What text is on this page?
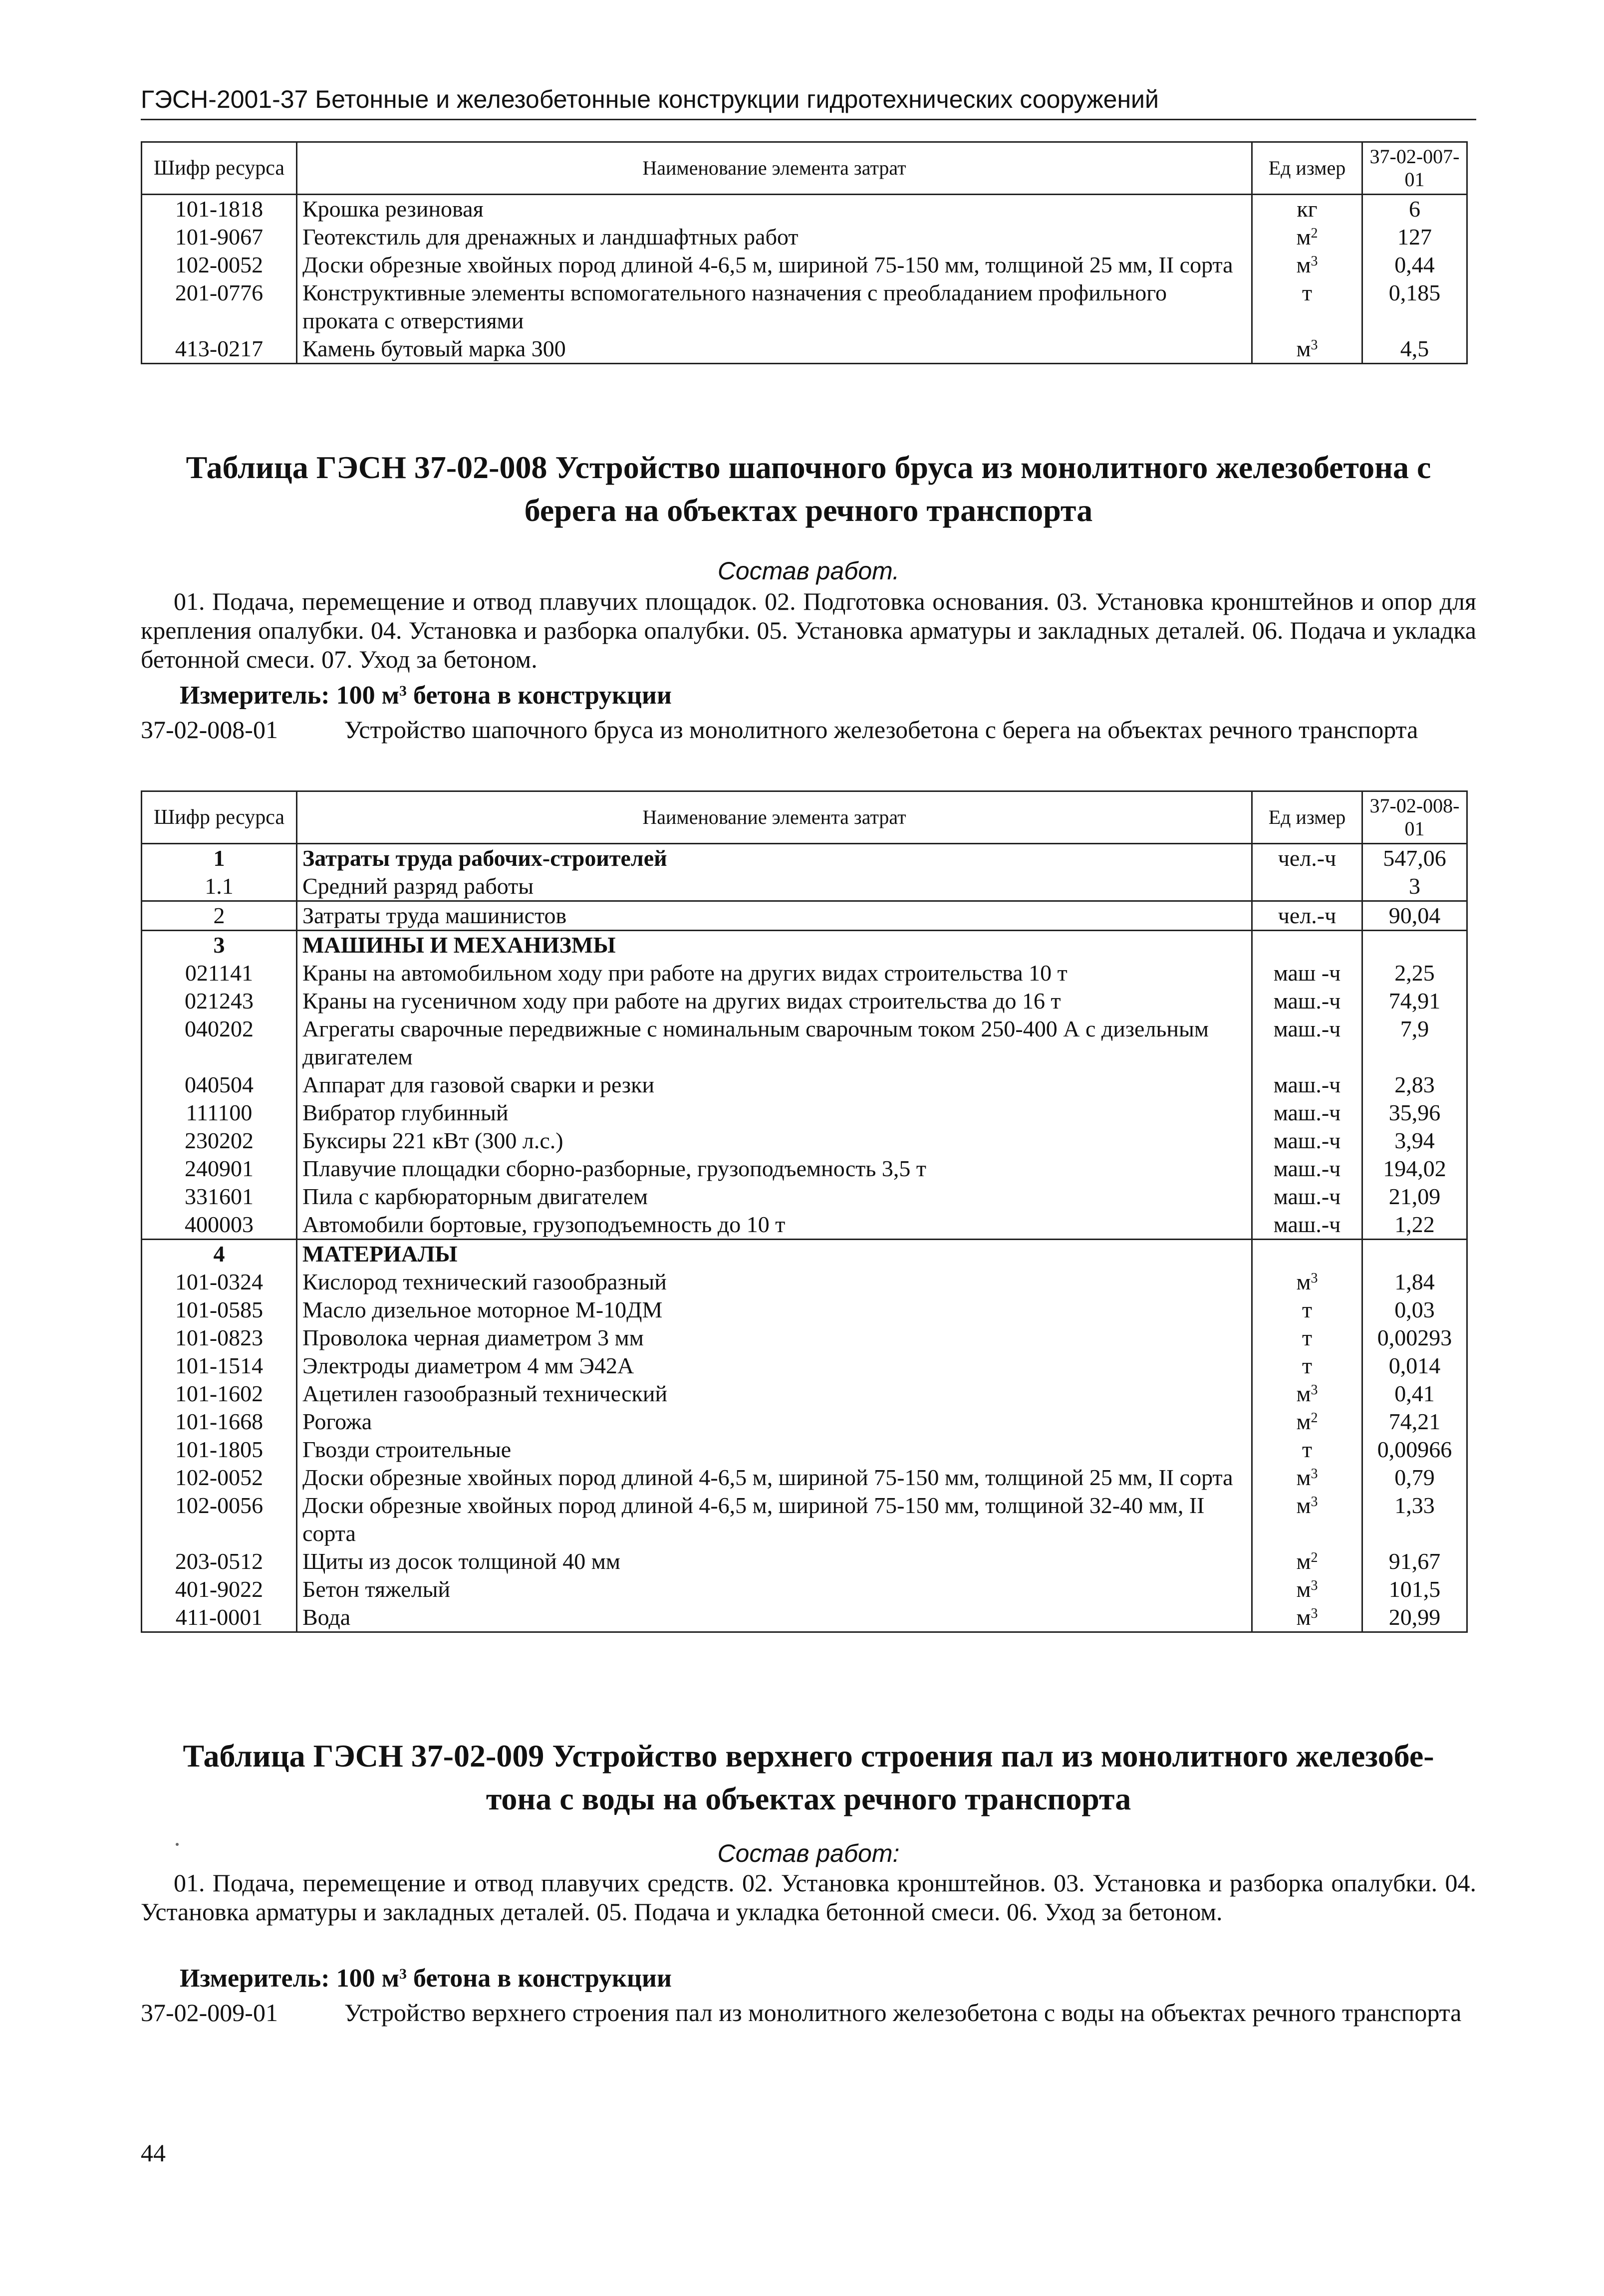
ГЭСН-2001-37 Бетонные и железобетонные конструкции гидротехнических сооружений
Шифр ресурса	Наименование элемента затрат	Ед измер	37-02-007-01
101-1818	Крошка резиновая	кг	6
101-9067	Геотекстиль для дренажных и ландшафтных работ	$м^2$	127
102-0052	Доски обрезные хвойных пород длиной 4-6,5 м, шириной 75-150 мм, толщиной 25 мм, II сорта	$м^3$	0,44
201-0776	Конструктивные элементы вспомогательного назначения с преобладанием профильного проката с отверстиями	т	0,185
413-0217	Камень бутовый марка 300	$м^3$	4,5
Таблица ГЭСН 37-02-008 Устройство шапочного бруса из монолитного железобетона с
берега на объектах речного транспорта
Состав работ.
01. Подача, перемещение и отвод плавучих площадок. 02. Подготовка основания. 03. Установка кронштейнов и опор для крепления опалубки. 04. Установка и разборка опалубки. 05. Установка арматуры и закладных деталей. 06. Подача и укладка бетонной смеси. 07. Уход за бетоном.
Измеритель: 100 $м^3$ бетона в конструкции
37-02-008-01	Устройство шапочного бруса из монолитного железобетона с берега на объектах речного транспорта
Шифр ресурса	Наименование элемента затрат	Ед измер	37-02-008-01
1	Затраты труда рабочих-строителей	чел.-ч	547,06
1.1	Средний разряд работы		3
2	Затраты труда машинистов	чел.-ч	90,04
3	МАШИНЫ И МЕХАНИЗМЫ		
021141	Краны на автомобильном ходу при работе на других видах строительства 10 т	маш -ч	2,25
021243	Краны на гусеничном ходу при работе на других видах строительства до 16 т	маш.-ч	74,91
040202	Агрегаты сварочные передвижные с номинальным сварочным током 250-400 А с дизельным двигателем	маш.-ч	7,9
040504	Аппарат для газовой сварки и резки	маш.-ч	2,83
111100	Вибратор глубинный	маш.-ч	35,96
230202	Буксиры 221 кВт (300 л.с.)	маш.-ч	3,94
240901	Плавучие площадки сборно-разборные, грузоподъемность 3,5 т	маш.-ч	194,02
331601	Пила с карбюраторным двигателем	маш.-ч	21,09
400003	Автомобили бортовые, грузоподъемность до 10 т	маш.-ч	1,22
4	МАТЕРИАЛЫ		
101-0324	Кислород технический газообразный	$м^3$	1,84
101-0585	Масло дизельное моторное М-10ДМ	т	0,03
101-0823	Проволока черная диаметром 3 мм	т	0,00293
101-1514	Электроды диаметром 4 мм Э42А	т	0,014
101-1602	Ацетилен газообразный технический	$м^3$	0,41
101-1668	Рогожа	$м^2$	74,21
101-1805	Гвозди строительные	т	0,00966
102-0052	Доски обрезные хвойных пород длиной 4-6,5 м, шириной 75-150 мм, толщиной 25 мм, II сорта	$м^3$	0,79
102-0056	Доски обрезные хвойных пород длиной 4-6,5 м, шириной 75-150 мм, толщиной 32-40 мм, II сорта	$м^3$	1,33
203-0512	Щиты из досок толщиной 40 мм	$м^2$	91,67
401-9022	Бетон тяжелый	$м^3$	101,5
411-0001	Вода	$м^3$	20,99
Таблица ГЭСН 37-02-009 Устройство верхнего строения пал из монолитного железобе-
тона с воды на объектах речного транспорта
Состав работ:
01. Подача, перемещение и отвод плавучих средств. 02. Установка кронштейнов. 03. Установка и разборка опалубки. 04. Установка арматуры и закладных деталей. 05. Подача и укладка бетонной смеси. 06. Уход за бетоном.
Измеритель: 100 $м^3$ бетона в конструкции
37-02-009-01	Устройство верхнего строения пал из монолитного железобетона с воды на объектах речного транспорта
44
